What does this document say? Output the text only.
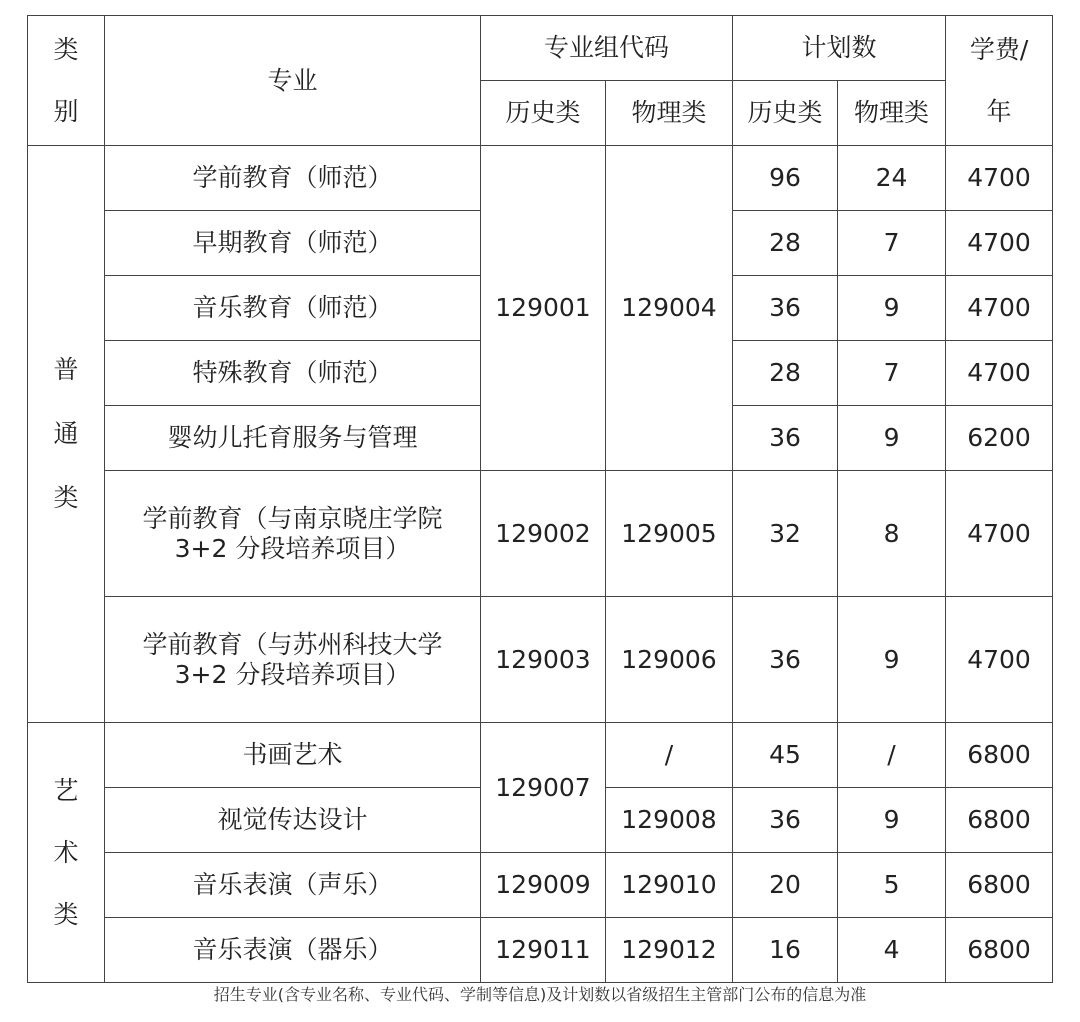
类别	专业	专业组代码		计划数		学费/年

		历史类	物理类	历史类	物理类	

普通类	学前教育（师范）	129001	129004	96	24	4700
	早期教育（师范）			28	7	4700
	音乐教育（师范）			36	9	4700
	特殊教育（师范）			28	7	4700
	婴幼儿托育服务与管理			36	9	6200

	学前教育（与南京晓庄学院
3+2 分段培养项目）	129002	129005	32	8	4700

	学前教育（与苏州科技大学
3+2 分段培养项目）	129003	129006	36	9	4700

艺术类	书画艺术	129007	/	45	/	6800
	视觉传达设计		129008	36	9	6800
	音乐表演（声乐）	129009	129010	20	5	6800
	音乐表演（器乐）	129011	129012	16	4	6800
招生专业(含专业名称、专业代码、学制等信息)及计划数以省级招生主管部门公布的信息为准
